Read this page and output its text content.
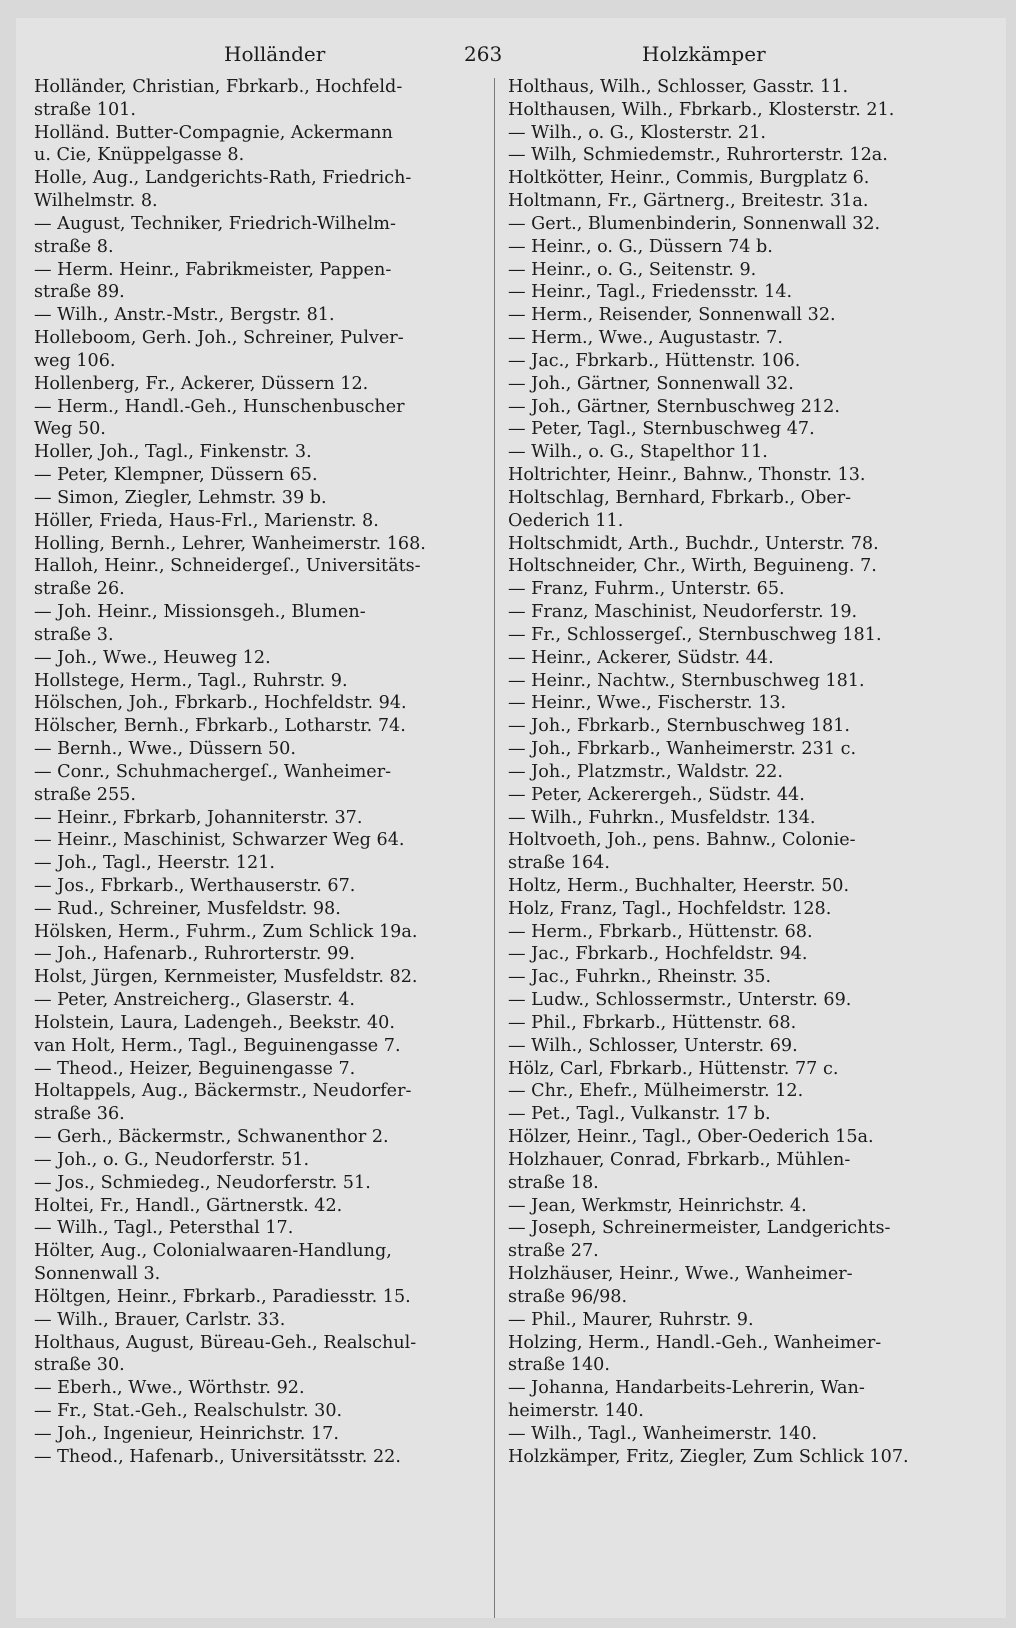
Holländer	263	Holzkämper
Holländer, Christian, Fbrkarb., Hochfeld-
straße 101.
Holländ. Butter-Compagnie, Ackermann
u. Cie, Knüppelgasse 8.
Holle, Aug., Landgerichts-Rath, Friedrich-
Wilhelmstr. 8.
— August, Techniker, Friedrich-Wilhelm-
straße 8.
— Herm. Heinr., Fabrikmeister, Pappen-
straße 89.
— Wilh., Anstr.-Mstr., Bergstr. 81.
Holleboom, Gerh. Joh., Schreiner, Pulver-
weg 106.
Hollenberg, Fr., Ackerer, Düssern 12.
— Herm., Handl.-Geh., Hunschenbuscher
Weg 50.
Holler, Joh., Tagl., Finkenstr. 3.
— Peter, Klempner, Düssern 65.
— Simon, Ziegler, Lehmstr. 39 b.
Höller, Frieda, Haus-Frl., Marienstr. 8.
Holling, Bernh., Lehrer, Wanheimerstr. 168.
Halloh, Heinr., Schneidergeſ., Universitäts-
straße 26.
— Joh. Heinr., Missionsgeh., Blumen-
straße 3.
— Joh., Wwe., Heuweg 12.
Hollstege, Herm., Tagl., Ruhrstr. 9.
Hölschen, Joh., Fbrkarb., Hochfeldstr. 94.
Hölscher, Bernh., Fbrkarb., Lotharstr. 74.
— Bernh., Wwe., Düssern 50.
— Conr., Schuhmachergeſ., Wanheimer-
straße 255.
— Heinr., Fbrkarb, Johanniterstr. 37.
— Heinr., Maschinist, Schwarzer Weg 64.
— Joh., Tagl., Heerstr. 121.
— Jos., Fbrkarb., Werthauserstr. 67.
— Rud., Schreiner, Musfeldstr. 98.
Hölsken, Herm., Fuhrm., Zum Schlick 19a.
— Joh., Hafenarb., Ruhrorterstr. 99.
Holst, Jürgen, Kernmeister, Musfeldstr. 82.
— Peter, Anstreicherg., Glaserstr. 4.
Holstein, Laura, Ladengeh., Beekstr. 40.
van Holt, Herm., Tagl., Beguinengasse 7.
— Theod., Heizer, Beguinengasse 7.
Holtappels, Aug., Bäckermstr., Neudorfer-
straße 36.
— Gerh., Bäckermstr., Schwanenthor 2.
— Joh., o. G., Neudorferstr. 51.
— Jos., Schmiedeg., Neudorferstr. 51.
Holtei, Fr., Handl., Gärtnerstk. 42.
— Wilh., Tagl., Petersthal 17.
Hölter, Aug., Colonialwaaren-Handlung,
Sonnenwall 3.
Höltgen, Heinr., Fbrkarb., Paradiesstr. 15.
— Wilh., Brauer, Carlstr. 33.
Holthaus, August, Büreau-Geh., Realschul-
straße 30.
— Eberh., Wwe., Wörthstr. 92.
— Fr., Stat.-Geh., Realschulstr. 30.
— Joh., Ingenieur, Heinrichstr. 17.
— Theod., Hafenarb., Universitätsstr. 22.
Holthaus, Wilh., Schlosser, Gasstr. 11.
Holthausen, Wilh., Fbrkarb., Klosterstr. 21.
— Wilh., o. G., Klosterstr. 21.
— Wilh, Schmiedemstr., Ruhrorterstr. 12a.
Holtkötter, Heinr., Commis, Burgplatz 6.
Holtmann, Fr., Gärtnerg., Breitestr. 31a.
— Gert., Blumenbinderin, Sonnenwall 32.
— Heinr., o. G., Düssern 74 b.
— Heinr., o. G., Seitenstr. 9.
— Heinr., Tagl., Friedensstr. 14.
— Herm., Reisender, Sonnenwall 32.
— Herm., Wwe., Augustastr. 7.
— Jac., Fbrkarb., Hüttenstr. 106.
— Joh., Gärtner, Sonnenwall 32.
— Joh., Gärtner, Sternbuschweg 212.
— Peter, Tagl., Sternbuschweg 47.
— Wilh., o. G., Stapelthor 11.
Holtrichter, Heinr., Bahnw., Thonstr. 13.
Holtschlag, Bernhard, Fbrkarb., Ober-
Oederich 11.
Holtschmidt, Arth., Buchdr., Unterstr. 78.
Holtschneider, Chr., Wirth, Beguineng. 7.
— Franz, Fuhrm., Unterstr. 65.
— Franz, Maschinist, Neudorferstr. 19.
— Fr., Schlossergeſ., Sternbuschweg 181.
— Heinr., Ackerer, Südstr. 44.
— Heinr., Nachtw., Sternbuschweg 181.
— Heinr., Wwe., Fischerstr. 13.
— Joh., Fbrkarb., Sternbuschweg 181.
— Joh., Fbrkarb., Wanheimerstr. 231 c.
— Joh., Platzmstr., Waldstr. 22.
— Peter, Ackerergeh., Südstr. 44.
— Wilh., Fuhrkn., Musfeldstr. 134.
Holtvoeth, Joh., pens. Bahnw., Colonie-
straße 164.
Holtz, Herm., Buchhalter, Heerstr. 50.
Holz, Franz, Tagl., Hochfeldstr. 128.
— Herm., Fbrkarb., Hüttenstr. 68.
— Jac., Fbrkarb., Hochfeldstr. 94.
— Jac., Fuhrkn., Rheinstr. 35.
— Ludw., Schlossermstr., Unterstr. 69.
— Phil., Fbrkarb., Hüttenstr. 68.
— Wilh., Schlosser, Unterstr. 69.
Hölz, Carl, Fbrkarb., Hüttenstr. 77 c.
— Chr., Ehefr., Mülheimerstr. 12.
— Pet., Tagl., Vulkanstr. 17 b.
Hölzer, Heinr., Tagl., Ober-Oederich 15a.
Holzhauer, Conrad, Fbrkarb., Mühlen-
straße 18.
— Jean, Werkmstr, Heinrichstr. 4.
— Joseph, Schreinermeister, Landgerichts-
straße 27.
Holzhäuser, Heinr., Wwe., Wanheimer-
straße 96/98.
— Phil., Maurer, Ruhrstr. 9.
Holzing, Herm., Handl.-Geh., Wanheimer-
straße 140.
— Johanna, Handarbeits-Lehrerin, Wan-
heimerstr. 140.
— Wilh., Tagl., Wanheimerstr. 140.
Holzkämper, Fritz, Ziegler, Zum Schlick 107.
